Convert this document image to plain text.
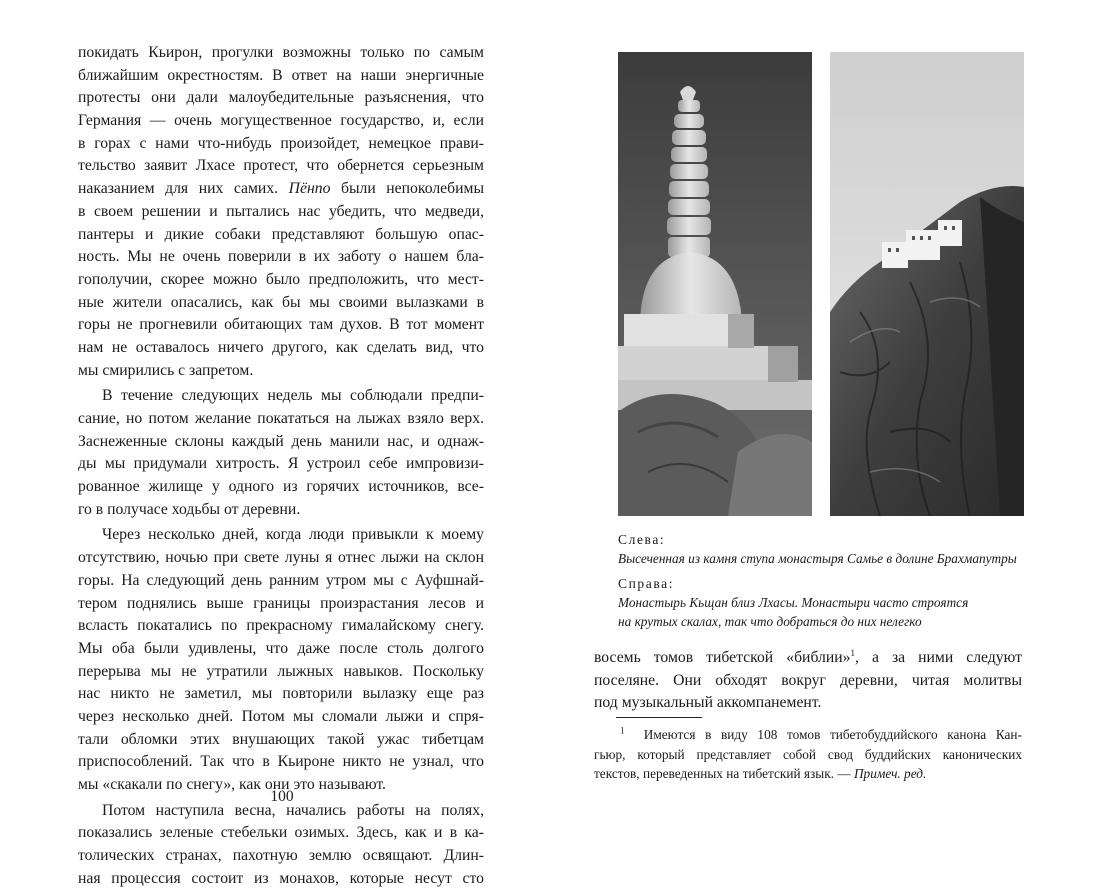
покидать Кьирон, прогулки возможны только по самым
ближайшим окрестностям. В ответ на наши энергичные
протесты они дали малоубедительные разъяснения, что
Германия — очень могущественное государство, и, если
в горах с нами что-нибудь произойдет, немецкое прави-
тельство заявит Лхасе протест, что обернется серьезным
наказанием для них самих. Пёнпо были непоколебимы
в своем решении и пытались нас убедить, что медведи,
пантеры и дикие собаки представляют большую опас-
ность. Мы не очень поверили в их заботу о нашем бла-
гополучии, скорее можно было предположить, что мест-
ные жители опасались, как бы мы своими вылазками в
горы не прогневили обитающих там духов. В тот момент
нам не оставалось ничего другого, как сделать вид, что
мы смирились с запретом.
В течение следующих недель мы соблюдали предпи-
сание, но потом желание покататься на лыжах взяло верх.
Заснеженные склоны каждый день манили нас, и однаж-
ды мы придумали хитрость. Я устроил себе импровизи-
рованное жилище у одного из горячих источников, все-
го в получасе ходьбы от деревни.
Через несколько дней, когда люди привыкли к моему
отсутствию, ночью при свете луны я отнес лыжи на склон
горы. На следующий день ранним утром мы с Ауфшнай-
тером поднялись выше границы произрастания лесов и
всласть покатались по прекрасному гималайскому снегу.
Мы оба были удивлены, что даже после столь долгого
перерыва мы не утратили лыжных навыков. Поскольку
нас никто не заметил, мы повторили вылазку еще раз
через несколько дней. Потом мы сломали лыжи и спря-
тали обломки этих внушающих такой ужас тибетцам
приспособлений. Так что в Кьироне никто не узнал, что
мы «скакали по снегу», как они это называют.
Потом наступила весна, начались работы на полях,
показались зеленые стебельки озимых. Здесь, как и в ка-
толических странах, пахотную землю освящают. Длин-
ная процессия состоит из монахов, которые несут сто
100
Слева:
Высеченная из камня ступа монастыря Самье в долине Брахмапутры
Справа:
Монастырь Кьщан близ Лхасы. Монастыри часто строятся
на крутых скалах, так что добраться до них нелегко
восемь томов тибетской «библии»$^1$, а за ними следуют
поселяне. Они обходят вокруг деревни, читая молитвы
под музыкальный аккомпанемент.
$^1$ Имеются в виду 108 томов тибетобуддийского канона Кан-
гьюр, который представляет собой свод буддийских канонических
текстов, переведенных на тибетский язык. — Примеч. ред.
